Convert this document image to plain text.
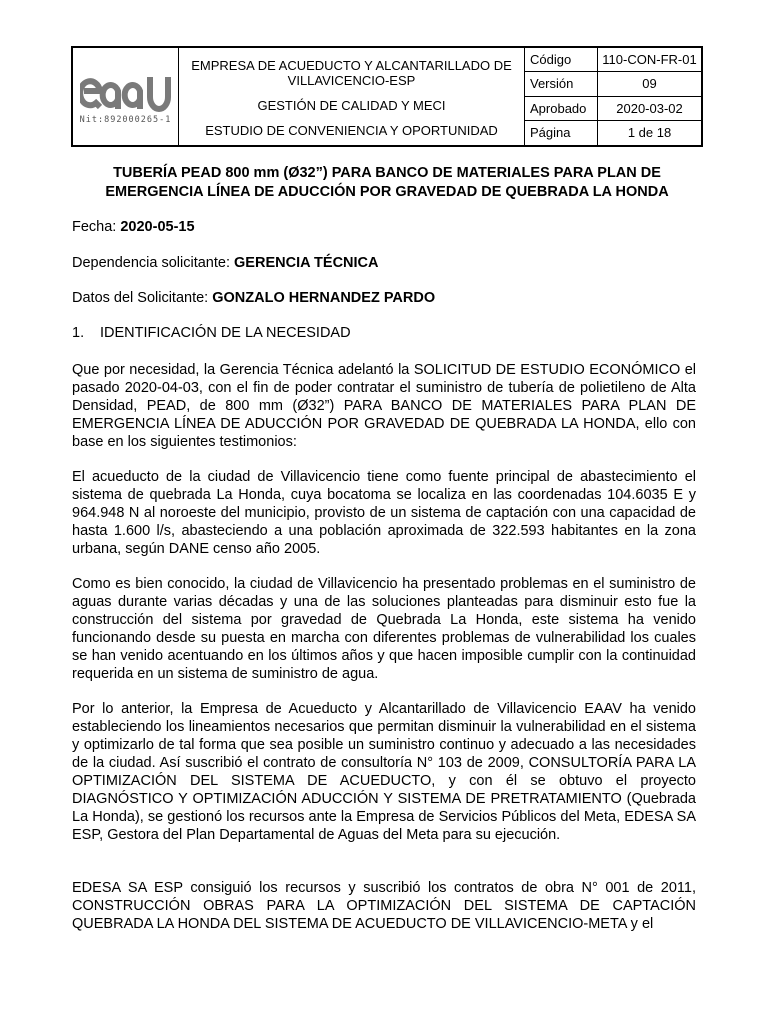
Nit:892000265-1
EMPRESA DE ACUEDUCTO Y ALCANTARILLADO DE VILLAVICENCIO-ESP
GESTIÓN DE CALIDAD Y MECI
ESTUDIO DE CONVENIENCIA Y OPORTUNIDAD
Código	110-CON-FR-01
Versión	09
Aprobado	2020-03-02
Página	1 de 18
TUBERÍA PEAD 800 mm (Ø32”) PARA BANCO DE MATERIALES PARA PLAN DE EMERGENCIA LÍNEA DE ADUCCIÓN POR GRAVEDAD DE QUEBRADA LA HONDA
Fecha: 2020-05-15
Dependencia solicitante: GERENCIA TÉCNICA
Datos del Solicitante: GONZALO HERNANDEZ PARDO
1. IDENTIFICACIÓN DE LA NECESIDAD

Que por necesidad, la Gerencia Técnica adelantó la SOLICITUD DE ESTUDIO ECONÓMICO el pasado 2020-04-03, con el fin de poder contratar el suministro de tubería de polietileno de Alta Densidad, PEAD, de 800 mm (Ø32”) PARA BANCO DE MATERIALES PARA PLAN DE EMERGENCIA LÍNEA DE ADUCCIÓN POR GRAVEDAD DE QUEBRADA LA HONDA, ello con base en los siguientes testimonios:

El acueducto de la ciudad de Villavicencio tiene como fuente principal de abastecimiento el sistema de quebrada La Honda, cuya bocatoma se localiza en las coordenadas 104.6035 E y 964.948 N al noroeste del municipio, provisto de un sistema de captación con una capacidad de hasta 1.600 l/s, abasteciendo a una población aproximada de 322.593 habitantes en la zona urbana, según DANE censo año 2005.

Como es bien conocido, la ciudad de Villavicencio ha presentado problemas en el suministro de aguas durante varias décadas y una de las soluciones planteadas para disminuir esto fue la construcción del sistema por gravedad de Quebrada La Honda, este sistema ha venido funcionando desde su puesta en marcha con diferentes problemas de vulnerabilidad los cuales se han venido acentuando en los últimos años y que hacen imposible cumplir con la continuidad requerida en un sistema de suministro de agua.

Por lo anterior, la Empresa de Acueducto y Alcantarillado de Villavicencio EAAV ha venido estableciendo los lineamientos necesarios que permitan disminuir la vulnerabilidad en el sistema y optimizarlo de tal forma que sea posible un suministro continuo y adecuado a las necesidades de la ciudad. Así suscribió el contrato de consultoría N° 103 de 2009, CONSULTORÍA PARA LA OPTIMIZACIÓN DEL SISTEMA DE ACUEDUCTO, y con él se obtuvo el proyecto DIAGNÓSTICO Y OPTIMIZACIÓN ADUCCIÓN Y SISTEMA DE PRETRATAMIENTO (Quebrada La Honda), se gestionó los recursos ante la Empresa de Servicios Públicos del Meta, EDESA SA ESP, Gestora del Plan Departamental de Aguas del Meta para su ejecución.

EDESA SA ESP consiguió los recursos y suscribió los contratos de obra N° 001 de 2011, CONSTRUCCIÓN OBRAS PARA LA OPTIMIZACIÓN DEL SISTEMA DE CAPTACIÓN QUEBRADA LA HONDA DEL SISTEMA DE ACUEDUCTO DE VILLAVICENCIO-META y el
